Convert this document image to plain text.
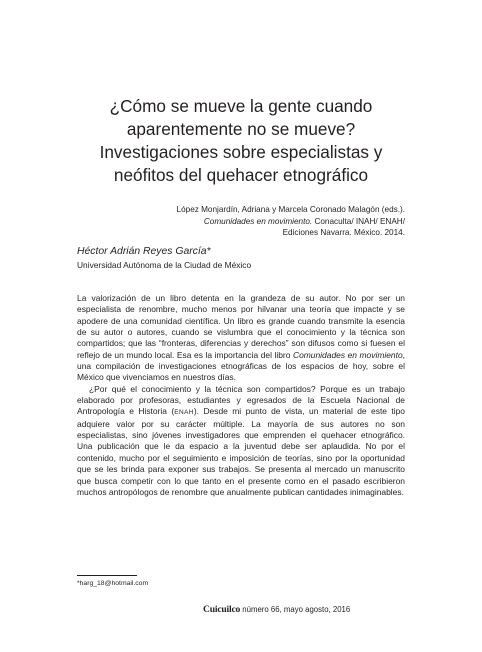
¿Cómo se mueve la gente cuando
aparentemente no se mueve?
Investigaciones sobre especialistas y
neófitos del quehacer etnográfico
López Monjardín, Adriana y Marcela Coronado Malagón (eds.).
Comunidades en movimiento. Conaculta/ INAH/ ENAH/
Ediciones Navarra. México. 2014.
Héctor Adrián Reyes García*
Universidad Autónoma de la Ciudad de México

La valorización de un libro detenta en la grandeza de su autor. No por ser un especialista de renombre, mucho menos por hilvanar una teoría que impacte y se apodere de una comunidad científica. Un libro es grande cuando transmite la esencia de su autor o autores, cuando se vislumbra que el conocimiento y la técnica son compartidos; que las “fronteras, diferencias y derechos” son difusos como si fuesen el reflejo de un mundo local. Esa es la importancia del libro Comunidades en movimiento, una compilación de investigaciones etnográficas de los espacios de hoy, sobre el México que vivenciamos en nuestros días.

¿Por qué el conocimiento y la técnica son compartidos? Porque es un trabajo elaborado por profesoras, estudiantes y egresados de la Escuela Nacional de Antropología e Historia (ENAH). Desde mi punto de vista, un material de este tipo adquiere valor por su carácter múltiple. La mayoría de sus autores no son especialistas, sino jóvenes investigadores que emprenden el quehacer etnográfico. Una publicación que le da espacio a la juventud debe ser aplaudida. No por el contenido, mucho por el seguimiento e imposición de teorías, sino por la oportunidad que se les brinda para exponer sus trabajos. Se presenta al mercado un manuscrito que busca competir con lo que tanto en el presente como en el pasado escribieron muchos antropólogos de renombre que anualmente publican cantidades inimaginables.

*harg_18@hotmail.com
Cuicuilco número 66, mayo agosto, 2016
